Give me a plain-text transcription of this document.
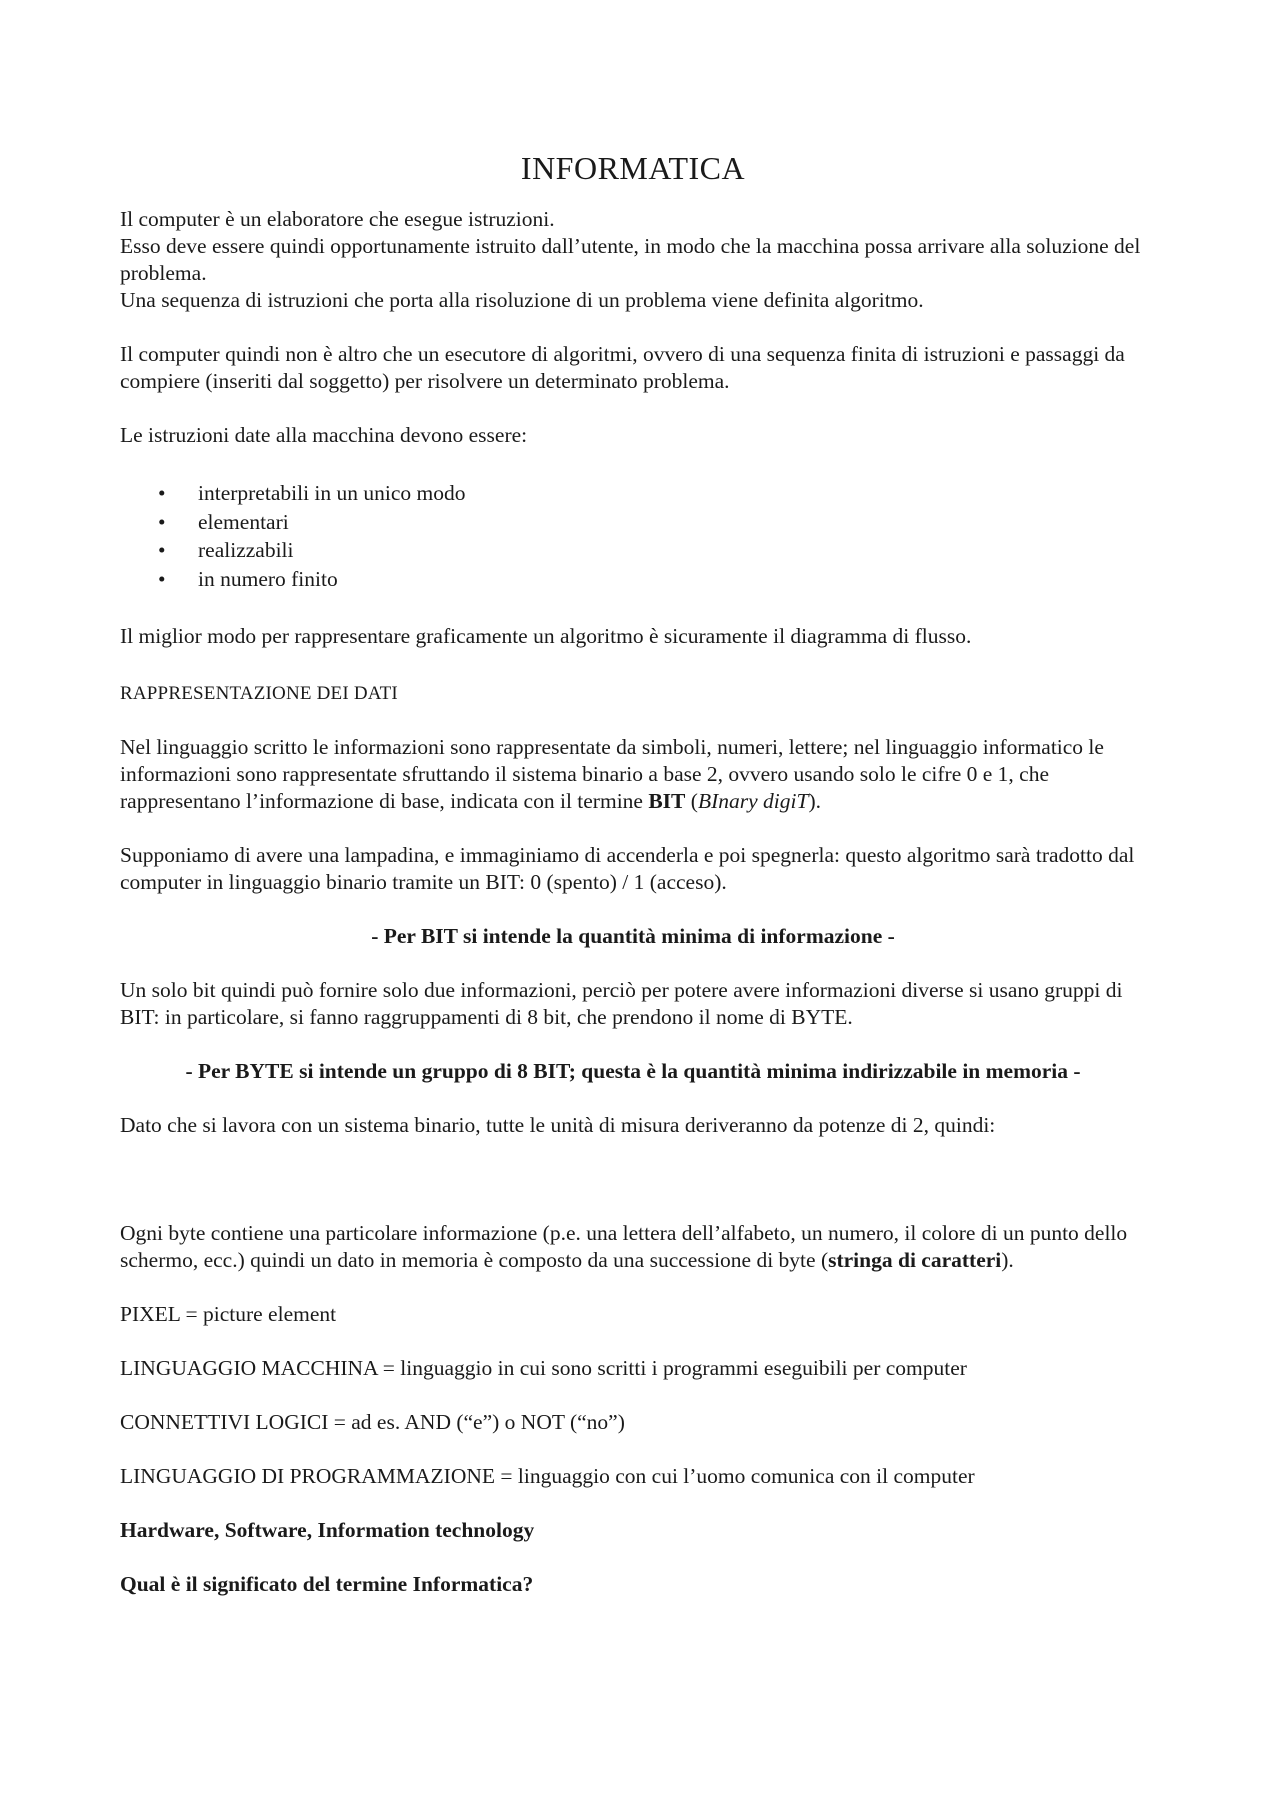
INFORMATICA

Il computer è un elaboratore che esegue istruzioni.

Esso deve essere quindi opportunamente istruito dall’utente, in modo che la macchina possa arrivare alla soluzione del problema.

Una sequenza di istruzioni che porta alla risoluzione di un problema viene definita algoritmo.

Il computer quindi non è altro che un esecutore di algoritmi, ovvero di una sequenza finita di istruzioni e passaggi da compiere (inseriti dal soggetto) per risolvere un determinato problema.

Le istruzioni date alla macchina devono essere:

• interpretabili in un unico modo
• elementari
• realizzabili
• in numero finito

Il miglior modo per rappresentare graficamente un algoritmo è sicuramente il diagramma di flusso.

RAPPRESENTAZIONE DEI DATI

Nel linguaggio scritto le informazioni sono rappresentate da simboli, numeri, lettere; nel linguaggio informatico le informazioni sono rappresentate sfruttando il sistema binario a base 2, ovvero usando solo le cifre 0 e 1, che rappresentano l’informazione di base, indicata con il termine BIT (BInary digiT).

Supponiamo di avere una lampadina, e immaginiamo di accenderla e poi spegnerla: questo algoritmo sarà tradotto dal computer in linguaggio binario tramite un BIT: 0 (spento) / 1 (acceso).

- Per BIT si intende la quantità minima di informazione -

Un solo bit quindi può fornire solo due informazioni, perciò per potere avere informazioni diverse si usano gruppi di BIT: in particolare, si fanno raggruppamenti di 8 bit, che prendono il nome di BYTE.

- Per BYTE si intende un gruppo di 8 BIT; questa è la quantità minima indirizzabile in memoria -

Dato che si lavora con un sistema binario, tutte le unità di misura deriveranno da potenze di 2, quindi:

Ogni byte contiene una particolare informazione (p.e. una lettera dell’alfabeto, un numero, il colore di un punto dello schermo, ecc.) quindi un dato in memoria è composto da una successione di byte (stringa di caratteri).

PIXEL = picture element

LINGUAGGIO MACCHINA = linguaggio in cui sono scritti i programmi eseguibili per computer

CONNETTIVI LOGICI = ad es. AND (“e”) o NOT (“no”)

LINGUAGGIO DI PROGRAMMAZIONE = linguaggio con cui l’uomo comunica con il computer

Hardware, Software, Information technology

Qual è il significato del termine Informatica?
